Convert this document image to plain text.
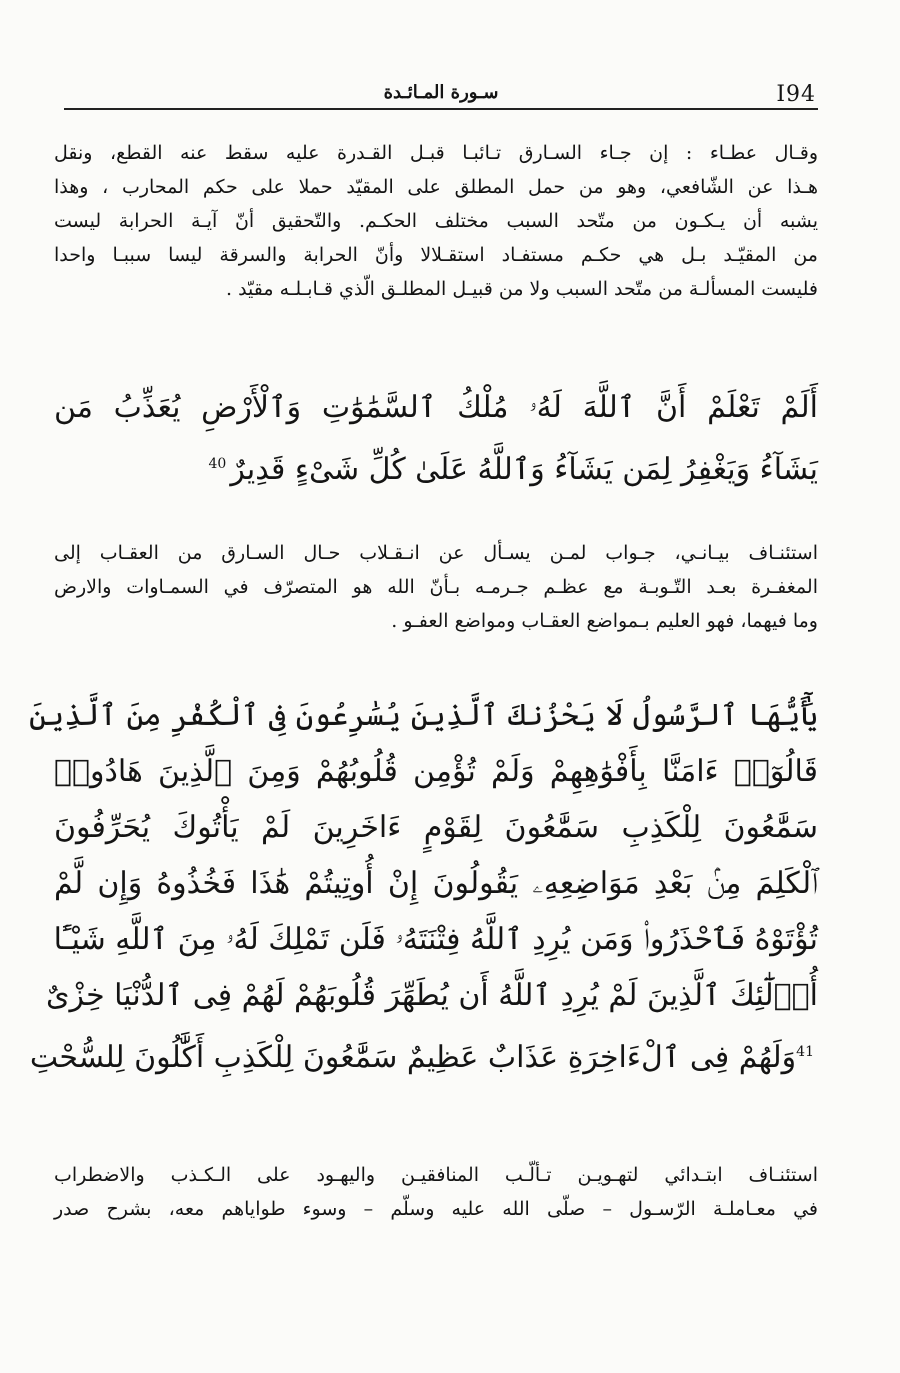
I94
سـورة المـائـدة

وقـال عطـاء : إن جـاء السـارق تـائبـا قبـل القـدرة عليه سقط عنه القطع، ونقل

هـذا عن الشّافعي، وهو من حمل المطلق على المقيّد حملا على حكم المحارب ، وهذا

يشبه أن يـكـون من متّحد السبب مختلف الحكـم. والتّحقيق أنّ آيـة الحرابة ليست

من المقيّـد بـل هي حكـم مستفـاد استقـلالا وأنّ الحرابة والسرقة ليسا سببـا واحدا

فليست المسألـة من متّحد السبب ولا من قبيـل المطلـق الّذي قـابـلـه مقيّد .

أَلَمْ تَعْلَمْ أَنَّ ٱللَّهَ لَهُۥ مُلْكُ ٱلسَّمَٰوَٰتِ وَٱلْأَرْضِ يُعَذِّبُ مَن

يَشَآءُ وَيَغْفِرُ لِمَن يَشَآءُ وَٱللَّهُ عَلَىٰ كُلِّ شَىْءٍ قَدِيرٌ$^{40}$

استئنـاف بيـانـي، جـواب لمـن يسـأل عن انـقـلاب حـال السـارق من العقـاب إلى

المغفـرة بعـد التّـوبـة مع عظـم جـرمـه بـأنّ الله هو المتصرّف في السمـاوات والارض

وما فيهما، فهو العليم بـمواضع العقـاب ومواضع العفـو .

يَٰٓأَيُّهَا ٱلرَّسُولُ لَا يَحْزُنكَ ٱلَّذِينَ يُسَٰرِعُونَ فِى ٱلْكُفْرِ مِنَ ٱلَّذِينَ

قَالُوٓا۟ ءَامَنَّا بِأَفْوَٰهِهِمْ وَلَمْ تُؤْمِن قُلُوبُهُمْ وَمِنَ ٱلَّذِينَ هَادُوا۟

سَمَّٰعُونَ لِلْكَذِبِ سَمَّٰعُونَ لِقَوْمٍ ءَاخَرِينَ لَمْ يَأْتُوكَ يُحَرِّفُونَ

ٱلْكَلِمَ مِنۢ بَعْدِ مَوَاضِعِهِۦ يَقُولُونَ إِنْ أُوتِيتُمْ هَٰذَا فَخُذُوهُ وَإِن لَّمْ

تُؤْتَوْهُ فَٱحْذَرُوا۟ وَمَن يُرِدِ ٱللَّهُ فِتْنَتَهُۥ فَلَن تَمْلِكَ لَهُۥ مِنَ ٱللَّهِ شَيْـًٔا

أُو۟لَٰٓئِكَ ٱلَّذِينَ لَمْ يُرِدِ ٱللَّهُ أَن يُطَهِّرَ قُلُوبَهُمْ لَهُمْ فِى ٱلدُّنْيَا خِزْىٌ

$^{41}$وَلَهُمْ فِى ٱلْءَاخِرَةِ عَذَابٌ عَظِيمٌ سَمَّٰعُونَ لِلْكَذِبِ أَكَّٰلُونَ لِلسُّحْتِ

استئنـاف ابتـدائي لتهـويـن تـألّـب المنافقيـن واليهـود على الـكـذب والاضطراب

في معـاملـة الرّسـول – صلّى الله عليه وسلّم – وسوء طواياهم معه، بشرح صدر
